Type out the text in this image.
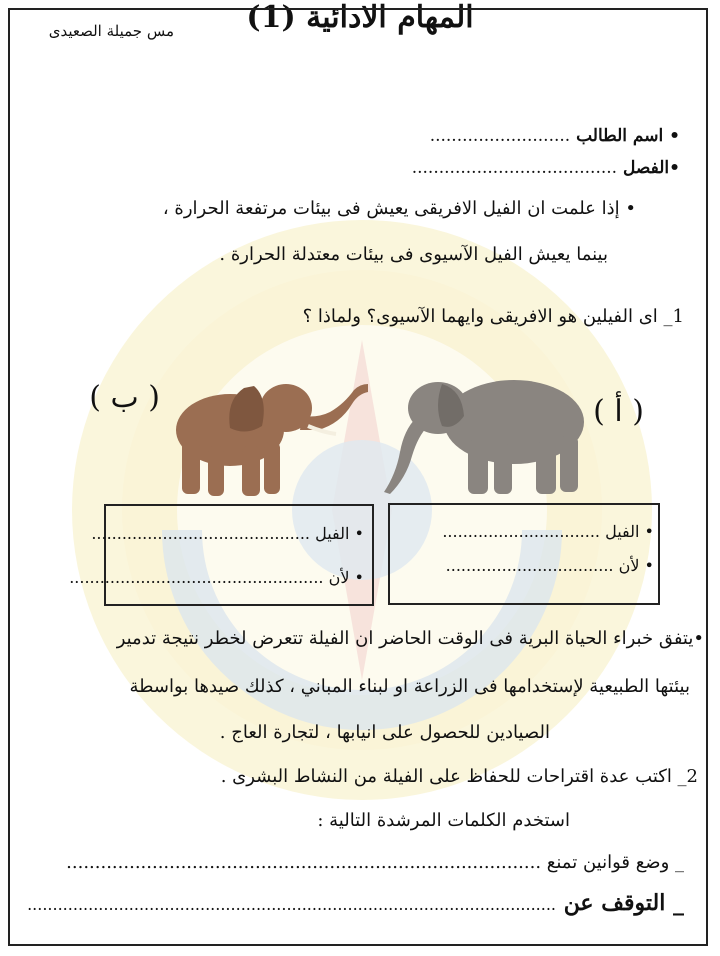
مس جميلة الصعيدى	المهام الادائية (1)
• اسم الطالب ..........................
•الفصل ......................................
• إذا علمت ان الفيل الافريقى يعيش فى بيئات مرتفعة الحرارة ،
بينما يعيش الفيل الآسيوى فى بيئات معتدلة الحرارة .
1_ اى الفيلين هو الافريقى وايهما الآسيوى؟ ولماذا ؟
( أ )
( ب )
• الفيل ...............................
• لأن .................................
• الفيل ...........................................
• لأن ..................................................
•يتفق خبراء الحياة البرية فى الوقت الحاضر ان الفيلة تتعرض لخطر نتيجة تدمير
بيئتها الطبيعية لإستخدامها فى الزراعة او لبناء المباني ، كذلك صيدها بواسطة
الصيادين للحصول على انيابها ، لتجارة العاج .
2_ اكتب عدة اقتراحات للحفاظ على الفيلة من النشاط البشرى .
استخدم الكلمات المرشدة التالية :
_ وضع قوانين تمنع ...................................................................................
_ التوقف عن ........................................................................................................
